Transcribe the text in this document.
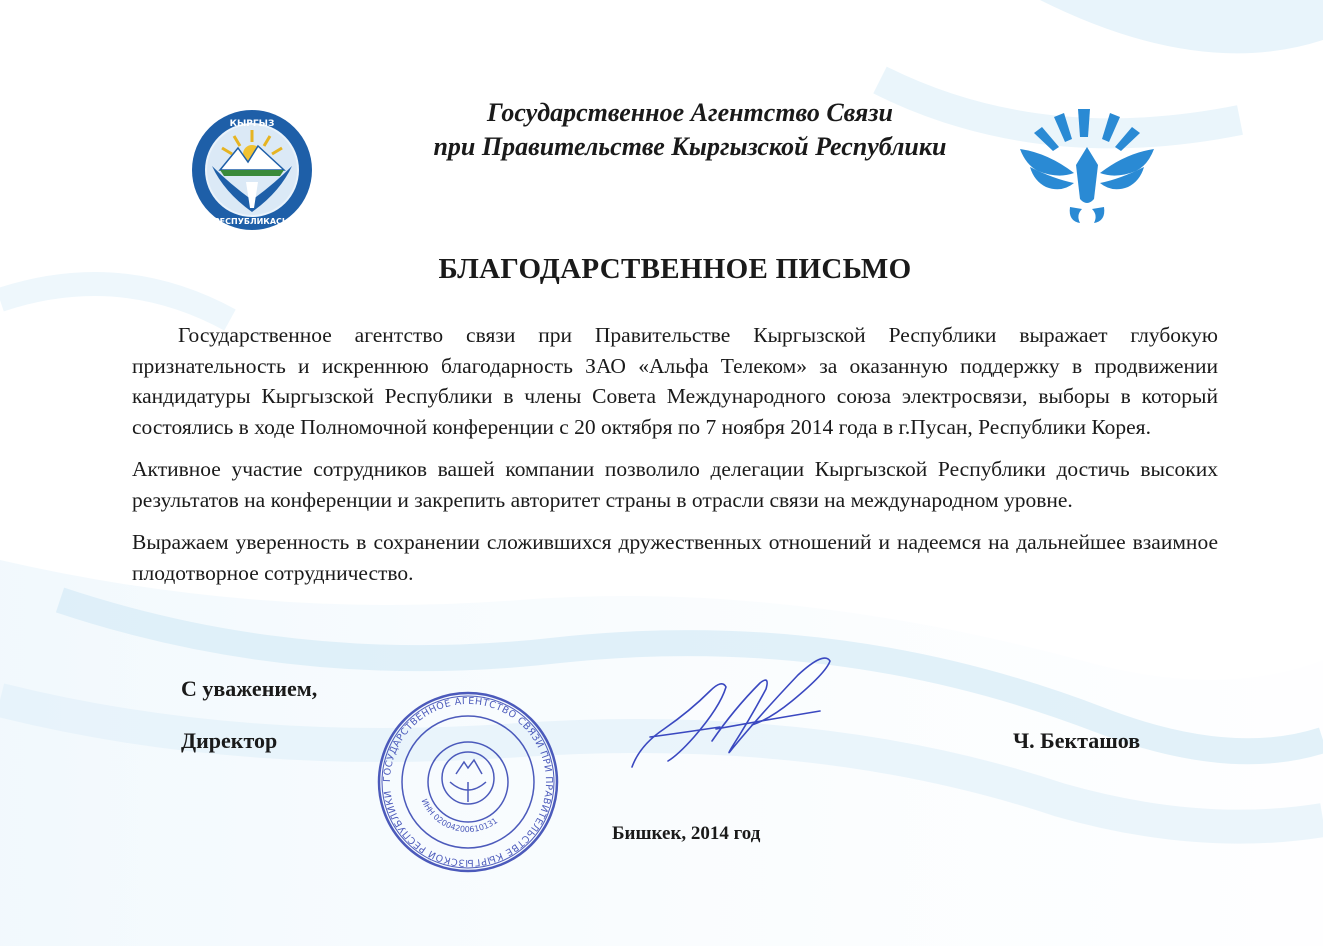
КЫРГЫЗ
РЕСПУБЛИКАСЫ
Государственное Агентство Связи
при Правительстве Кыргызской Республики
БЛАГОДАРСТВЕННОЕ ПИСЬМО

Государственное агентство связи при Правительстве Кыргызской Республики выражает глубокую признательность и искреннюю благодарность ЗАО «Альфа Телеком» за оказанную поддержку в продвижении кандидатуры Кыргызской Республики в члены Совета Международного союза электросвязи, выборы в который состоялись в ходе Полномочной конференции с 20 октября по 7 ноября 2014 года в г.Пусан, Республики Корея.

Активное участие сотрудников вашей компании позволило делегации Кыргызской Республики достичь высоких результатов на конференции и закрепить авторитет страны в отрасли связи на международном уровне.

Выражаем уверенность в сохранении сложившихся дружественных отношений и надеемся на дальнейшее взаимное плодотворное сотрудничество.

С уважением,
Директор	Ч. Бекташов
Бишкек, 2014 год
ГОСУДАРСТВЕННОЕ АГЕНТСТВО СВЯЗИ ПРИ ПРАВИТЕЛЬСТВЕ КЫРГЫЗСКОЙ РЕСПУБЛИКИ
ИНН 02004200610131
